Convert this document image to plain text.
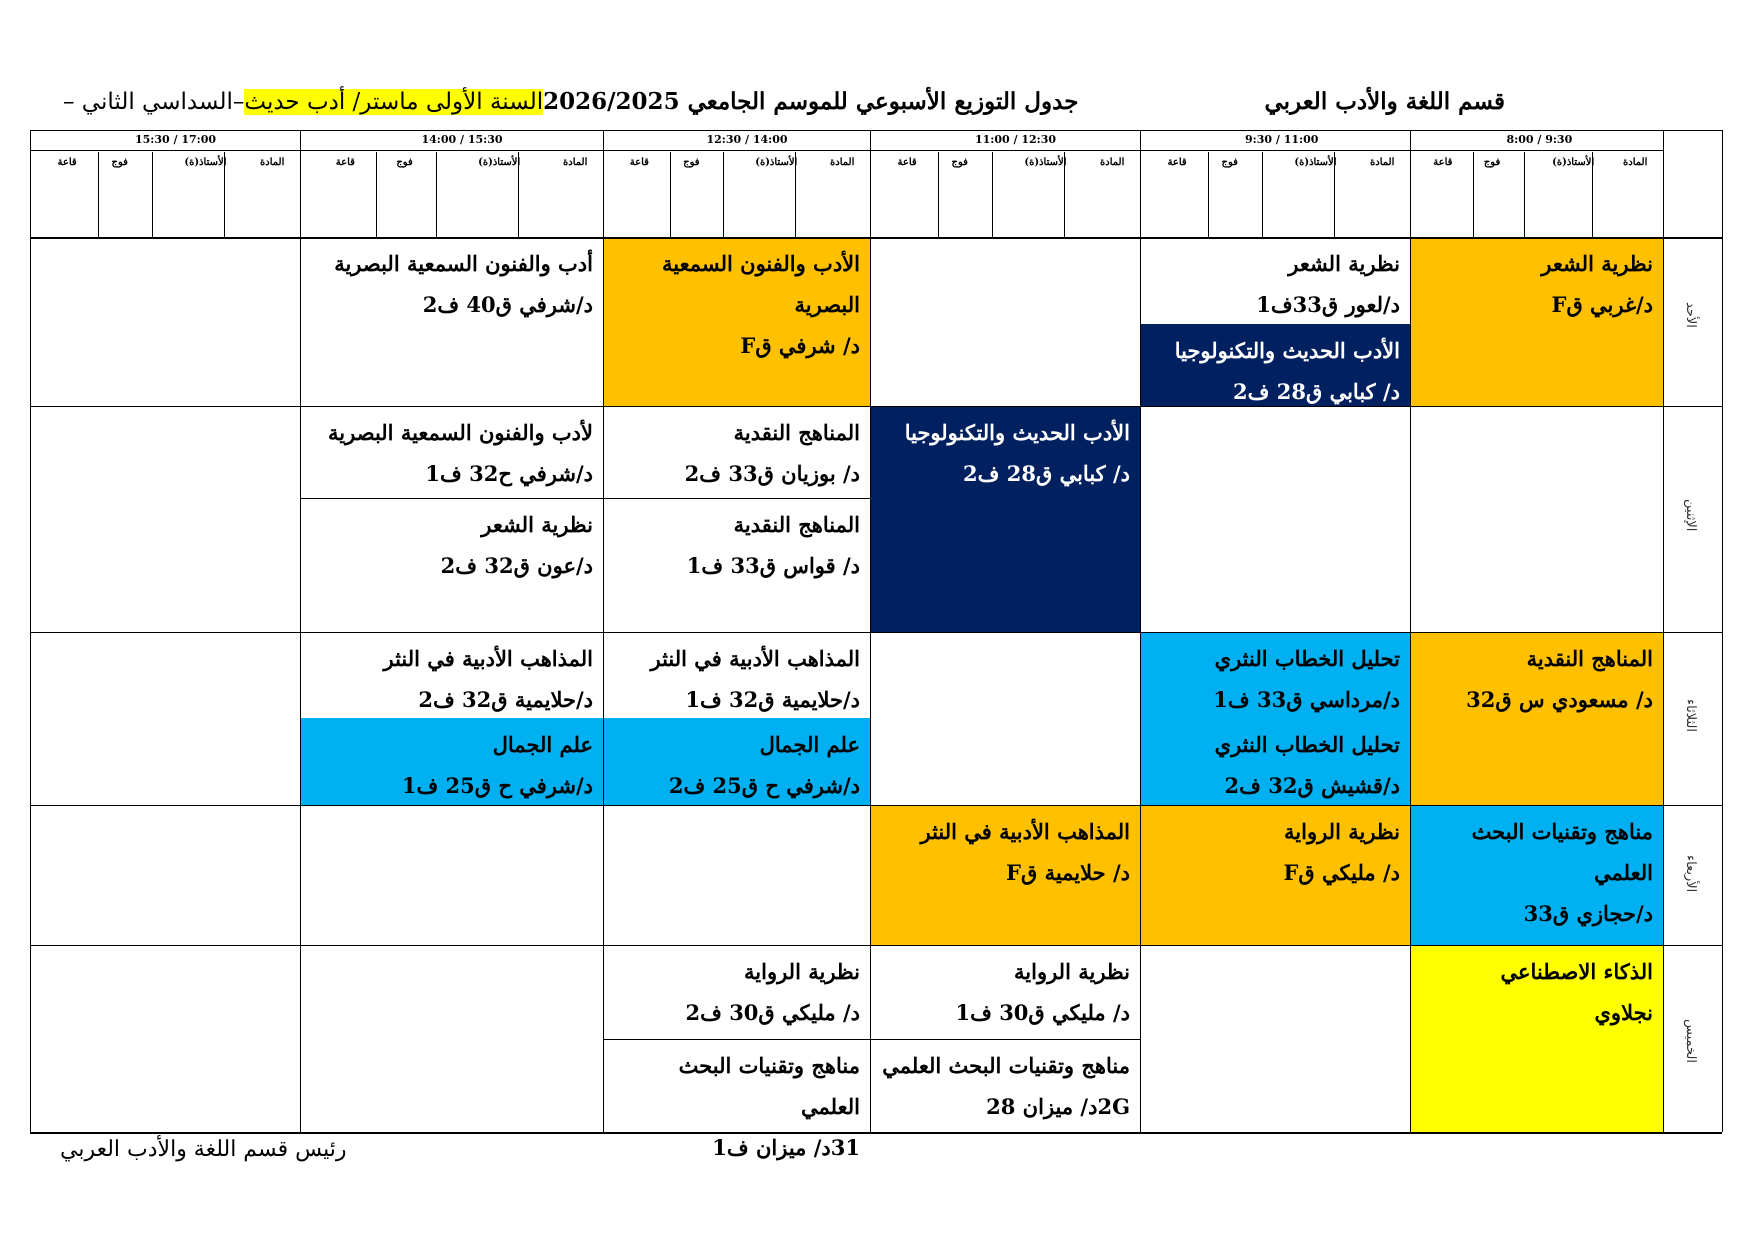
قسم اللغة والأدب العربي
جدول التوزيع الأسبوعي للموسم الجامعي 2026/2025السنة الأولى ماستر/ أدب حديث–السداسي الثاني –
نظرية الشعر
د/غربي قF
نظرية الشعر
د/لعور ق33ف1
الأدب الحديث والتكنولوجيا
د/ كبابي ق28 ف2
الأدب والفنون السمعية
البصرية
د/ شرفي قF
أدب والفنون السمعية البصرية
د/شرفي ق40 ف2
الأدب الحديث والتكنولوجيا
د/ كبابي ق28 ف2
المناهج النقدية
د/ بوزيان ق33 ف2
المناهج النقدية
د/ قواس ق33 ف1
لأدب والفنون السمعية البصرية
د/شرفي ح32 ف1
نظرية الشعر
د/عون ق32 ف2
المناهج النقدية
د/ مسعودي س ق32
تحليل الخطاب النثري
د/مرداسي ق33 ف1
تحليل الخطاب النثري
د/قشيش ق32 ف2
المذاهب الأدبية في النثر
د/حلايمية ق32 ف1
علم الجمال
د/شرفي ح ق25 ف2
المذاهب الأدبية في النثر
د/حلايمية ق32 ف2
علم الجمال
د/شرفي ح ق25 ف1
مناهج وتقنيات البحث
العلمي
د/حجازي ق33
نظرية الرواية
د/ مليكي قF
المذاهب الأدبية في النثر
د/ حلايمية قF
الذكاء الاصطناعي
نجلاوي
نظرية الرواية
د/ مليكي ق30 ف1
مناهج وتقنيات البحث العلمي
2Gد/ ميزان 28
نظرية الرواية
د/ مليكي ق30 ف2
مناهج وتقنيات البحث العلمي
31د/ ميزان ف1
8:00 / 9:30
المادة
الأستاذ(ة)
فوج
قاعة
9:30 / 11:00
المادة
الأستاذ(ة)
فوج
قاعة
11:00 / 12:30
المادة
الأستاذ(ة)
فوج
قاعة
12:30 / 14:00
المادة
الأستاذ(ة)
فوج
قاعة
14:00 / 15:30
المادة
الأستاذ(ة)
فوج
قاعة
15:30 / 17:00
المادة
الأستاذ(ة)
فوج
قاعة
الأحد
الإثنين
الثلاثاء
الأربعاء
الخميس
رئيس قسم اللغة والأدب العربي
